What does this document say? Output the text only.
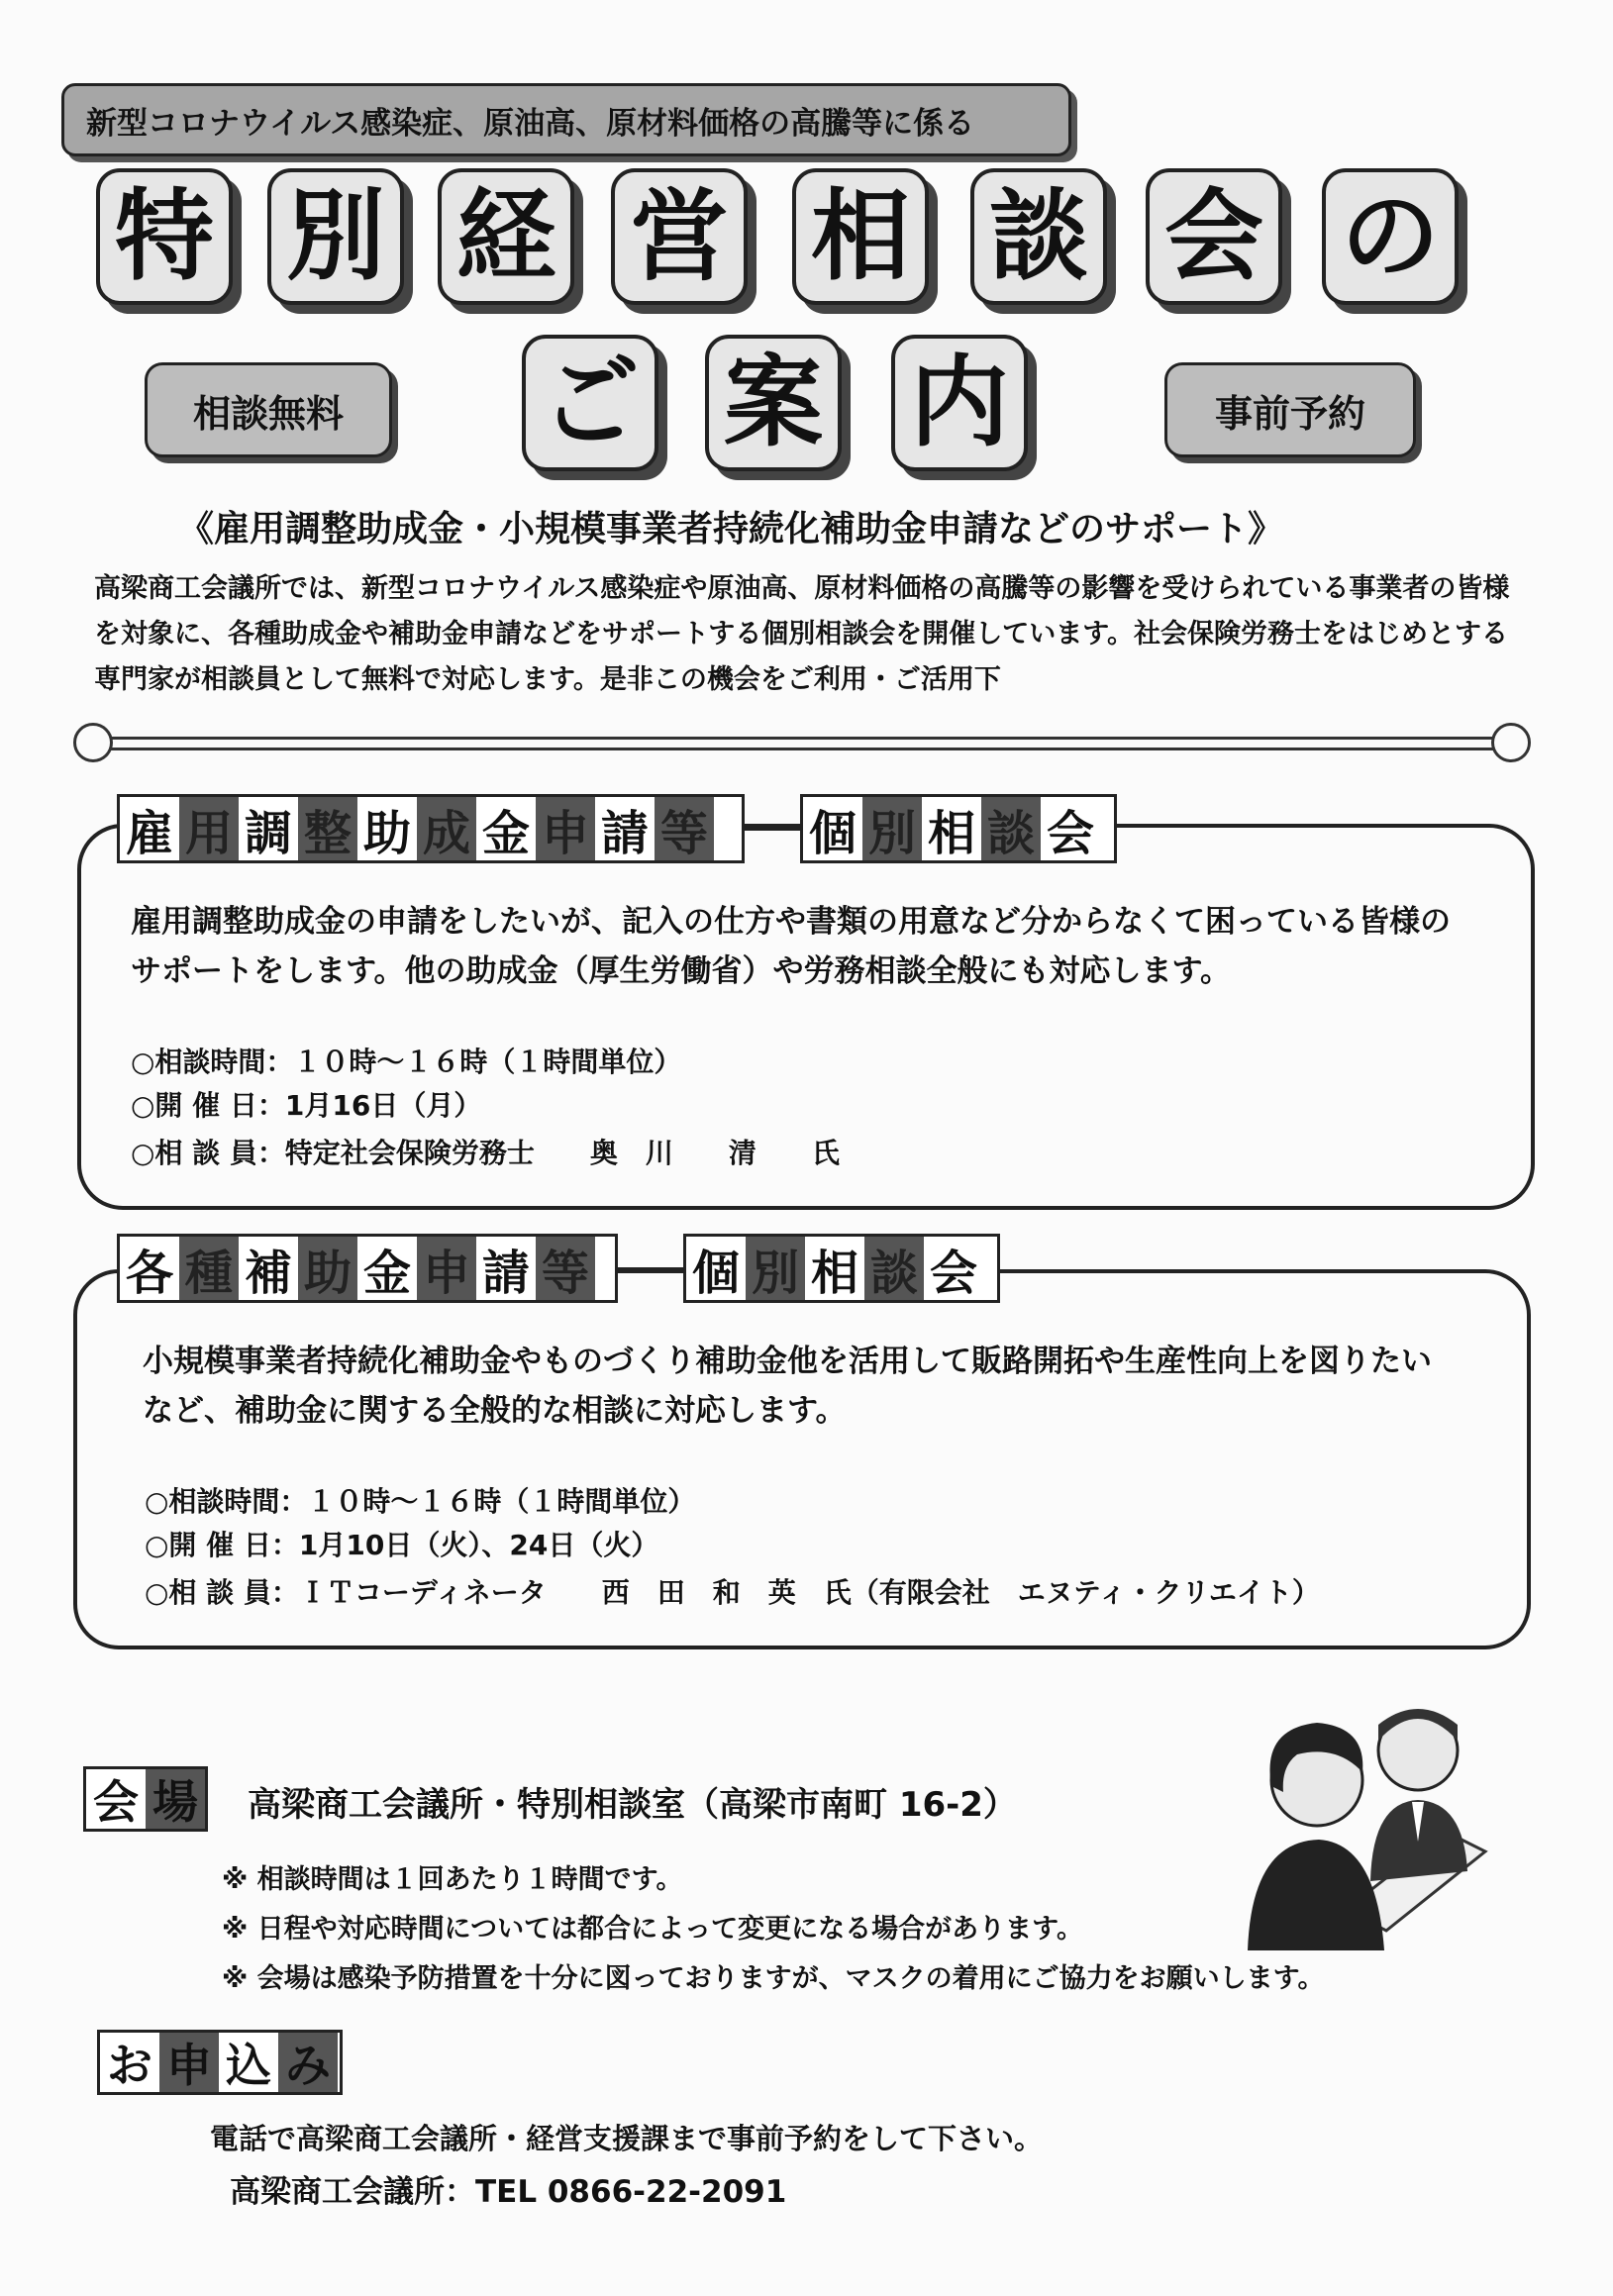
新型コロナウイルス感染症、原油高、原材料価格の高騰等に係る
特 別 経 営 相 談 会 の
ご 案 内
相談無料	事前予約
《雇用調整助成金・小規模事業者持続化補助金申請などのサポート》
高梁商工会議所では、新型コロナウイルス感染症や原油高、原材料価格の高騰等の影響を受けられている事業者の皆様を対象に、各種助成金や補助金申請などをサポートする個別相談会を開催しています。社会保険労務士をはじめとする専門家が相談員として無料で対応します。是非この機会をご利用・ご活用下
雇 用 調 整 助 成 金 申 請 等 個 別 相 談 会
雇用調整助成金の申請をしたいが、記入の仕方や書類の用意など分からなくて困っている皆様のサポートをします。他の助成金（厚生労働省）や労務相談全般にも対応します。
○相談時間：１０時～１６時（１時間単位）
○開 催 日：1月16日（月）
○相 談 員：特定社会保険労務士　　奥　川　　清　　氏
各 種 補 助 金 申 請 等 個 別 相 談 会
小規模事業者持続化補助金やものづくり補助金他を活用して販路開拓や生産性向上を図りたいなど、補助金に関する全般的な相談に対応します。
○相談時間：１０時～１６時（１時間単位）
○開 催 日：1月10日（火）、24日（火）
○相 談 員：ＩＴコーディネータ　　西　田　和　英　氏（有限会社　エヌティ・クリエイト）
会 場 高梁商工会議所・特別相談室（高梁市南町 16-2）
※ 相談時間は１回あたり１時間です。
※ 日程や対応時間については都合によって変更になる場合があります。
※ 会場は感染予防措置を十分に図っておりますが、マスクの着用にご協力をお願いします。
お 申 込 み
電話で高梁商工会議所・経営支援課まで事前予約をして下さい。
高梁商工会議所：TEL 0866-22-2091
